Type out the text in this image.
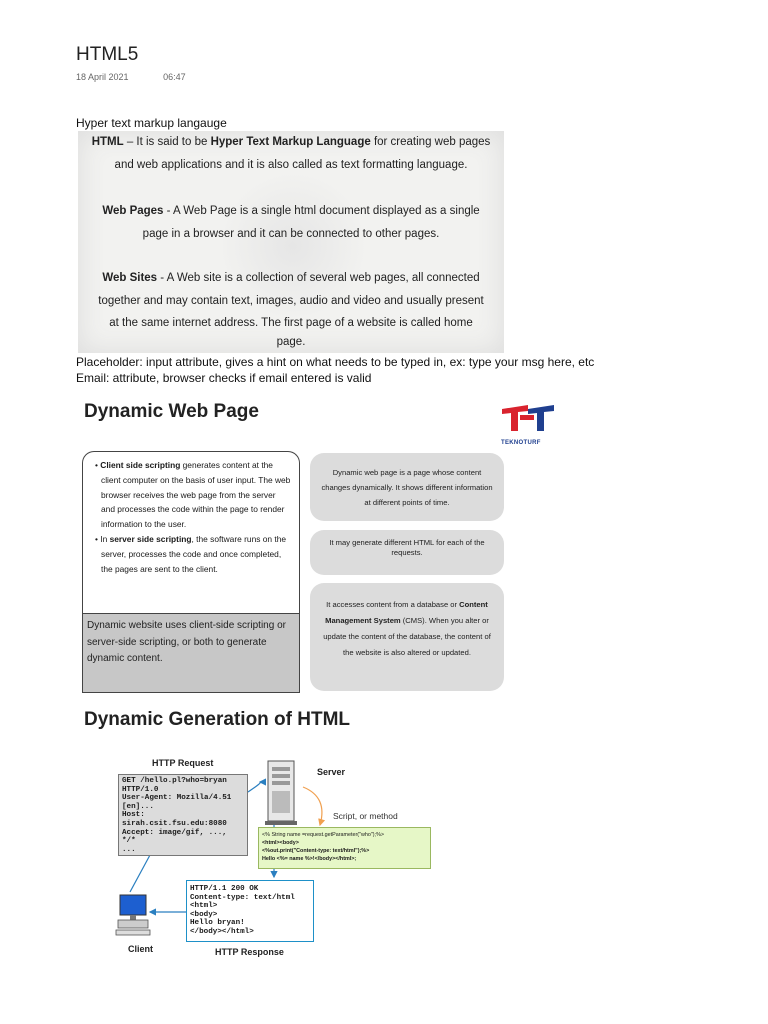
HTML5
18 April 2021	06:47
Hyper text markup langauge

HTML – It is said to be Hyper Text Markup Language for creating web pages

and web applications and it is also called as text formatting language.

Web Pages - A Web Page is a single html document displayed as a single

page in a browser and it can be connected to other pages.

Web Sites - A Web site is a collection of several web pages, all connected

together and may contain text, images, audio and video and usually present

at the same internet address. The first page of a website is called home

page.

Placeholder: input attribute, gives a hint on what needs to be typed in, ex: type your msg here, etc
Email: attribute, browser checks if email entered is valid
Dynamic Web Page
TEKNOTURF
• Client side scripting generates content at the client computer on the basis of user input. The web browser receives the web page from the server and processes the code within the page to render information to the user.
• In server side scripting, the software runs on the server, processes the code and once completed, the pages are sent to the client.

Dynamic website uses client-side scripting or server-side scripting, or both to generate dynamic content.

Dynamic web page is a page whose content changes dynamically. It shows different information at different points of time.

It may generate different HTML for each of the requests.

It accesses content from a database or Content Management System (CMS). When you alter or update the content of the database, the content of the website is also altered or updated.

Dynamic Generation of HTML
HTTP Request
Server
Script, or method
Client	HTTP Response
GET /hello.pl?who=bryan
HTTP/1.0
User-Agent: Mozilla/4.51
[en]...
Host:
sirah.csit.fsu.edu:8080
Accept: image/gif, ...,
*/*
...
<% String name =request.getParameter("who");%>
<html><body>
<%out.print("Content-type: text/html");%>
Hello <%= name %>!</body></html>;
HTTP/1.1 200 OK
Content-type: text/html
<html>
<body>
Hello bryan!
</body></html>
